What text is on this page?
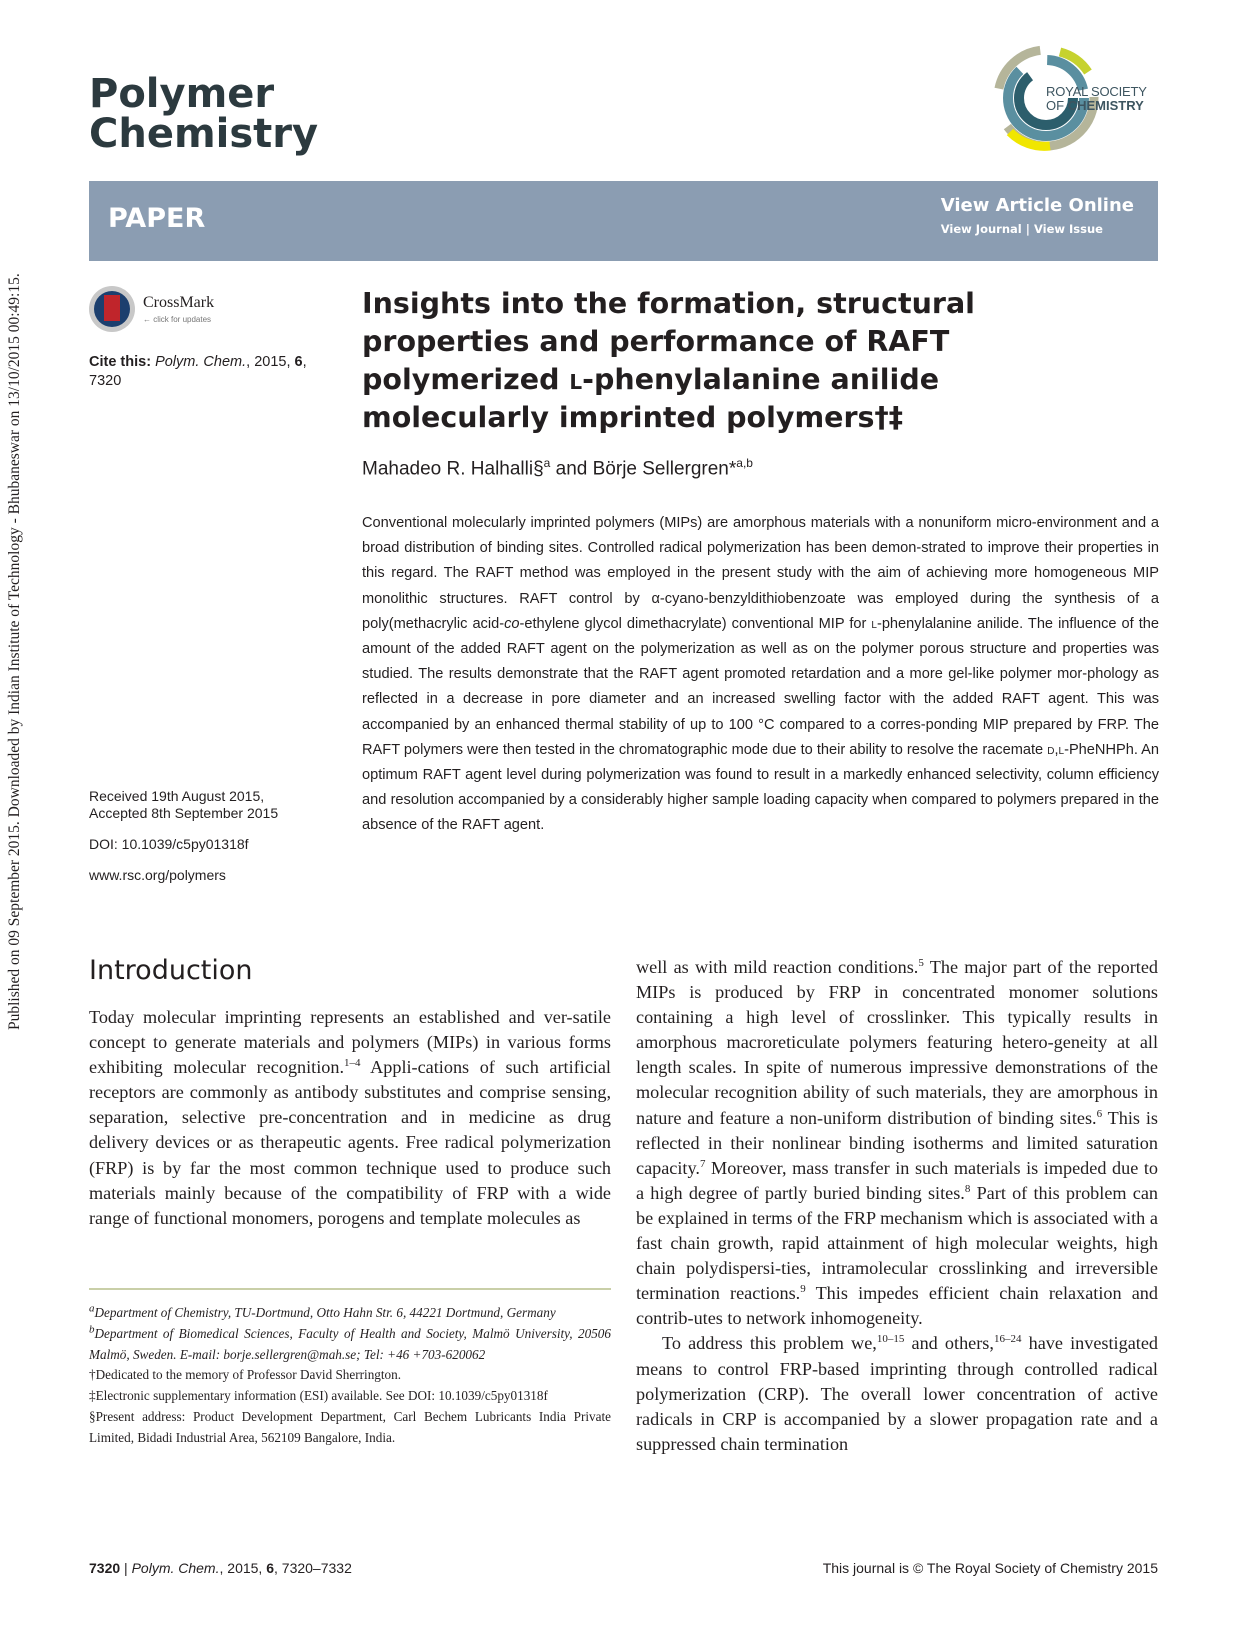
Published on 09 September 2015. Downloaded by Indian Institute of Technology - Bhubaneswar on 13/10/2015 00:49:15.
Polymer
Chemistry
ROYAL SOCIETY
OF CHEMISTRY
PAPER	View Article Online
View Journal | View Issue
CrossMark
← click for updates
Cite this: Polym. Chem., 2015, 6, 7320
Received 19th August 2015,
Accepted 8th September 2015
DOI: 10.1039/c5py01318f
www.rsc.org/polymers
Insights into the formation, structural
properties and performance of RAFT
polymerized l-phenylalanine anilide
molecularly imprinted polymers†‡
Mahadeo R. Halhalli§$^a$ and Börje Sellergren*$^{a,b}$
Conventional molecularly imprinted polymers (MIPs) are amorphous materials with a nonuniform micro-environment and a broad distribution of binding sites. Controlled radical polymerization has been demon-strated to improve their properties in this regard. The RAFT method was employed in the present study with the aim of achieving more homogeneous MIP monolithic structures. RAFT control by α-cyano-benzyldithiobenzoate was employed during the synthesis of a poly(methacrylic acid-co-ethylene glycol dimethacrylate) conventional MIP for l-phenylalanine anilide. The influence of the amount of the added RAFT agent on the polymerization as well as on the polymer porous structure and properties was studied. The results demonstrate that the RAFT agent promoted retardation and a more gel-like polymer mor-phology as reflected in a decrease in pore diameter and an increased swelling factor with the added RAFT agent. This was accompanied by an enhanced thermal stability of up to 100 °C compared to a corres-ponding MIP prepared by FRP. The RAFT polymers were then tested in the chromatographic mode due to their ability to resolve the racemate d,l-PheNHPh. An optimum RAFT agent level during polymerization was found to result in a markedly enhanced selectivity, column efficiency and resolution accompanied by a considerably higher sample loading capacity when compared to polymers prepared in the absence of the RAFT agent.
Introduction

Today molecular imprinting represents an established and ver-satile concept to generate materials and polymers (MIPs) in various forms exhibiting molecular recognition.$^{1-4}$ Appli-cations of such artificial receptors are commonly as antibody substitutes and comprise sensing, separation, selective pre-concentration and in medicine as drug delivery devices or as therapeutic agents. Free radical polymerization (FRP) is by far the most common technique used to produce such materials mainly because of the compatibility of FRP with a wide range of functional monomers, porogens and template molecules as

$^a$Department of Chemistry, TU-Dortmund, Otto Hahn Str. 6, 44221 Dortmund, Germany

$^b$Department of Biomedical Sciences, Faculty of Health and Society, Malmö University, 20506 Malmö, Sweden. E-mail: borje.sellergren@mah.se; Tel: +46 +703-620062

†Dedicated to the memory of Professor David Sherrington.

‡Electronic supplementary information (ESI) available. See DOI: 10.1039/c5py01318f

§Present address: Product Development Department, Carl Bechem Lubricants India Private Limited, Bidadi Industrial Area, 562109 Bangalore, India.

well as with mild reaction conditions.$^5$ The major part of the reported MIPs is produced by FRP in concentrated monomer solutions containing a high level of crosslinker. This typically results in amorphous macroreticulate polymers featuring hetero-geneity at all length scales. In spite of numerous impressive demonstrations of the molecular recognition ability of such materials, they are amorphous in nature and feature a non-uniform distribution of binding sites.$^6$ This is reflected in their nonlinear binding isotherms and limited saturation capacity.$^7$ Moreover, mass transfer in such materials is impeded due to a high degree of partly buried binding sites.$^8$ Part of this problem can be explained in terms of the FRP mechanism which is associated with a fast chain growth, rapid attainment of high molecular weights, high chain polydispersi-ties, intramolecular crosslinking and irreversible termination reactions.$^9$ This impedes efficient chain relaxation and contrib-utes to network inhomogeneity.

To address this problem we,$^{10-15}$ and others,$^{16-24}$ have investigated means to control FRP-based imprinting through controlled radical polymerization (CRP). The overall lower concentration of active radicals in CRP is accompanied by a slower propagation rate and a suppressed chain termination

7320 | Polym. Chem., 2015, 6, 7320–7332	This journal is © The Royal Society of Chemistry 2015
